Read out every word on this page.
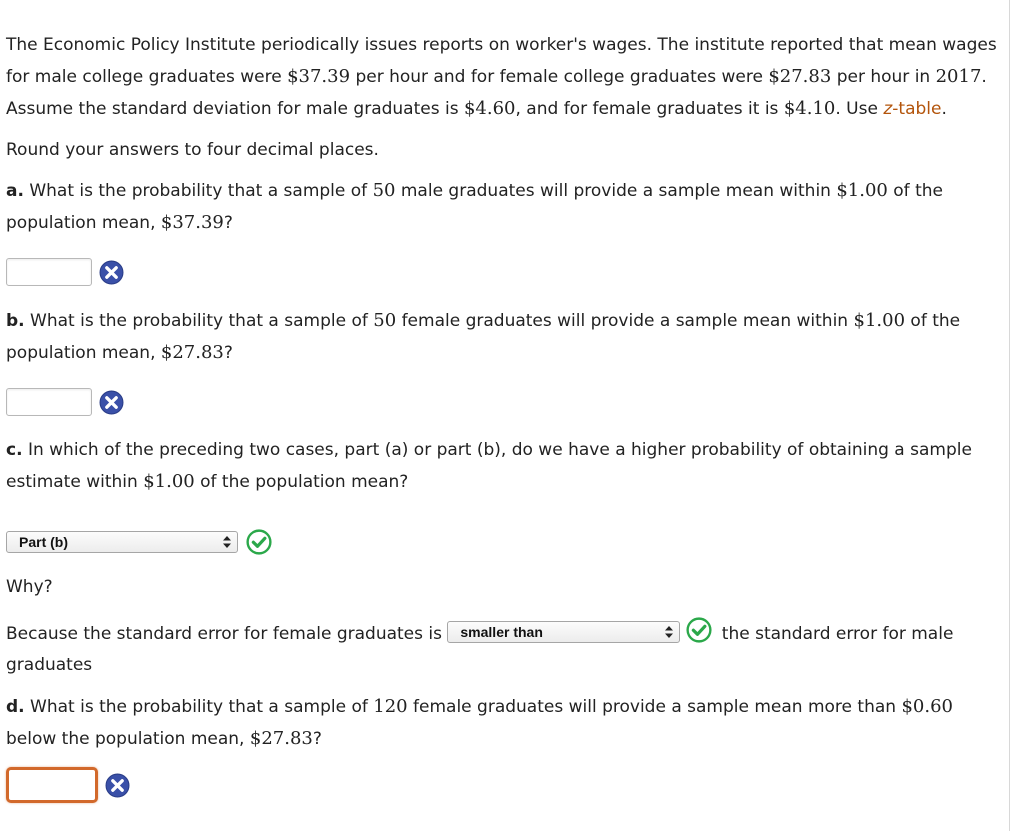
The Economic Policy Institute periodically issues reports on worker's wages. The institute reported that mean wages for male college graduates were $37.39 per hour and for female college graduates were $27.83 per hour in 2017. Assume the standard deviation for male graduates is $4.60, and for female graduates it is $4.10. Use z-table.

Round your answers to four decimal places.

a. What is the probability that a sample of 50 male graduates will provide a sample mean within $1.00 of the population mean, $37.39?

b. What is the probability that a sample of 50 female graduates will provide a sample mean within $1.00 of the population mean, $27.83?

c. In which of the preceding two cases, part (a) or part (b), do we have a higher probability of obtaining a sample estimate within $1.00 of the population mean?

Part (b)

Why?

Because the standard error for female graduates is smaller than	the standard error for male graduates

d. What is the probability that a sample of 120 female graduates will provide a sample mean more than $0.60 below the population mean, $27.83?
